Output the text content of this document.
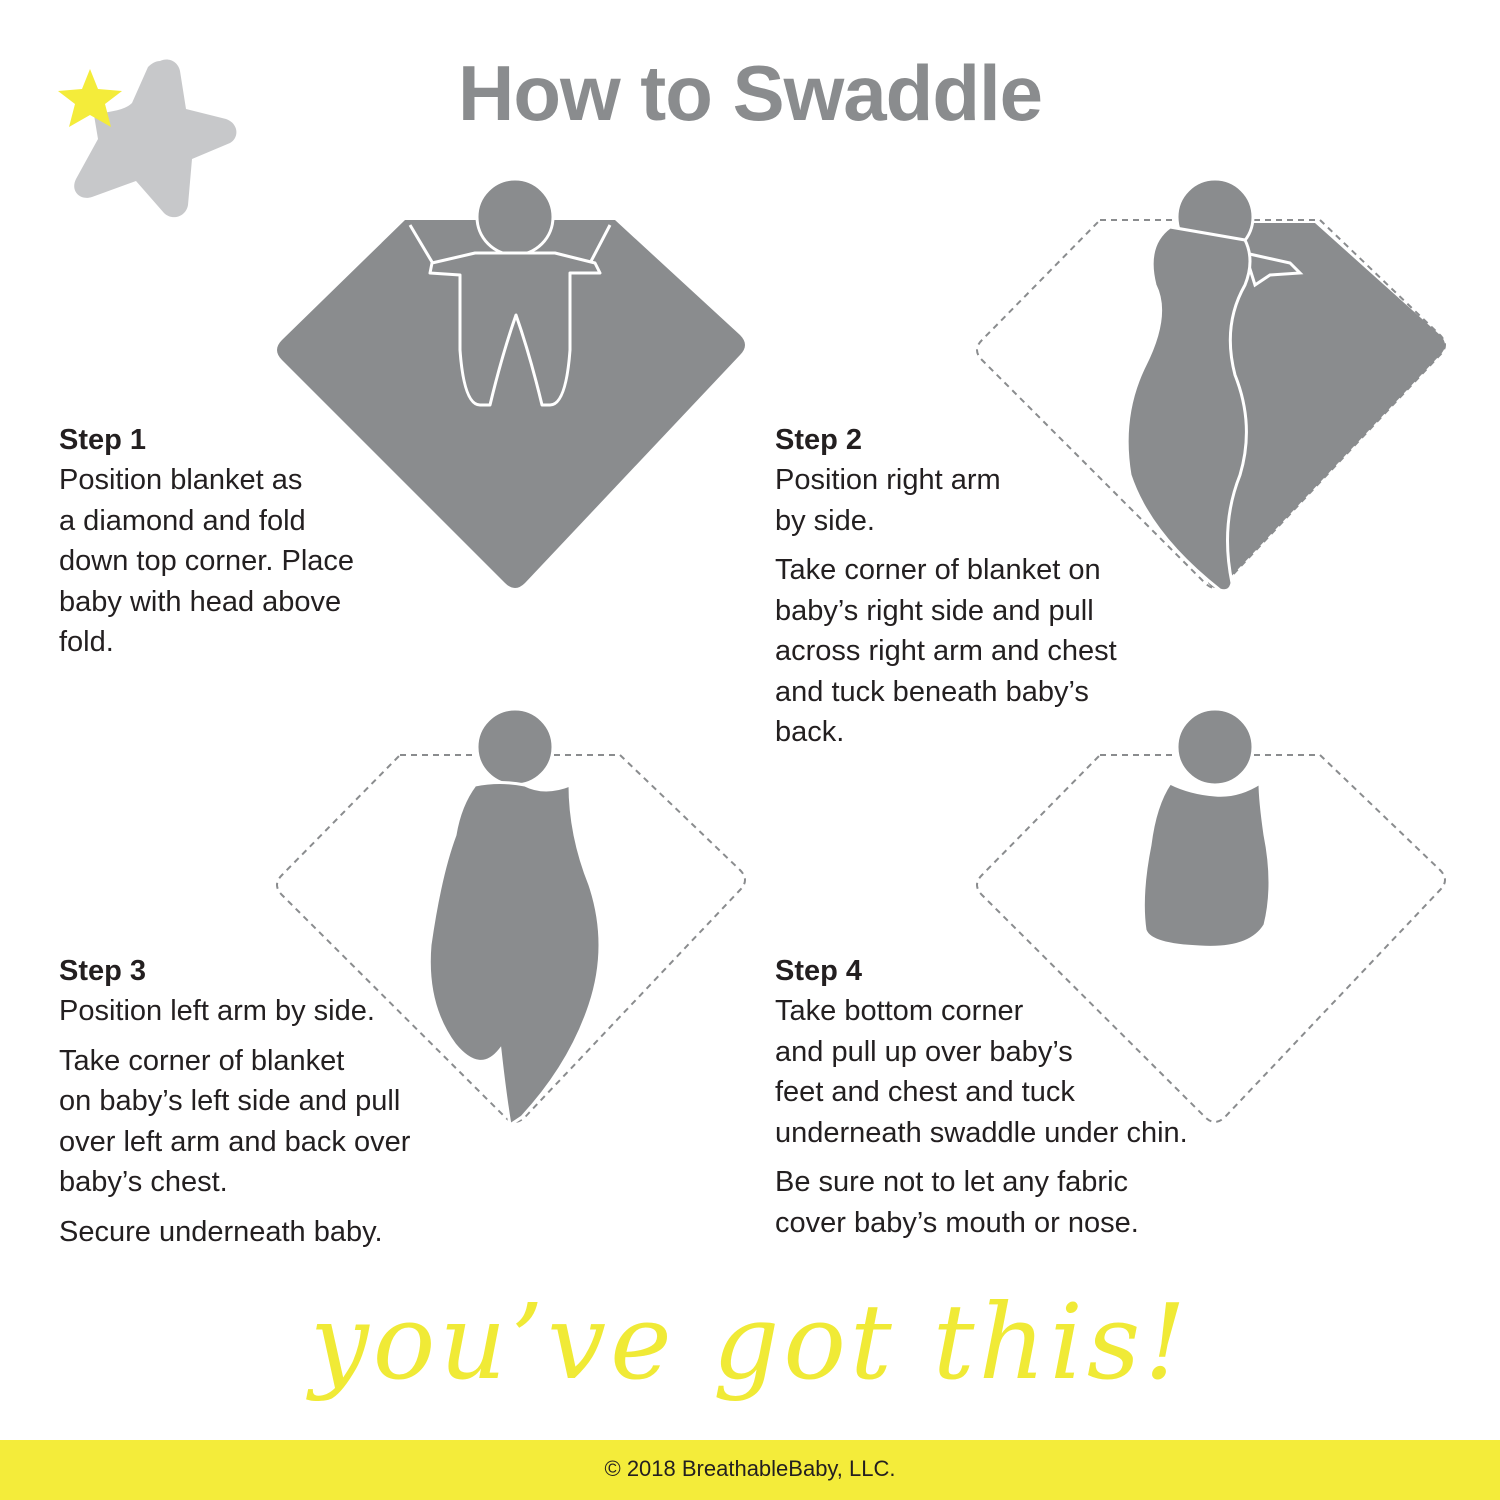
How to Swaddle
Step 1

Position blanket as
a diamond and fold
down top corner. Place
baby with head above
fold.

Step 2

Position right arm
by side.

Take corner of blanket on
baby’s right side and pull
across right arm and chest
and tuck beneath baby’s
back.

Step 3

Position left arm by side.

Take corner of blanket
on baby’s left side and pull
over left arm and back over
baby’s chest.

Secure underneath baby.

Step 4

Take bottom corner
and pull up over baby’s
feet and chest and tuck
underneath swaddle under chin.

Be sure not to let any fabric
cover baby’s mouth or nose.

you’ve got this!
© 2018 BreathableBaby, LLC.
